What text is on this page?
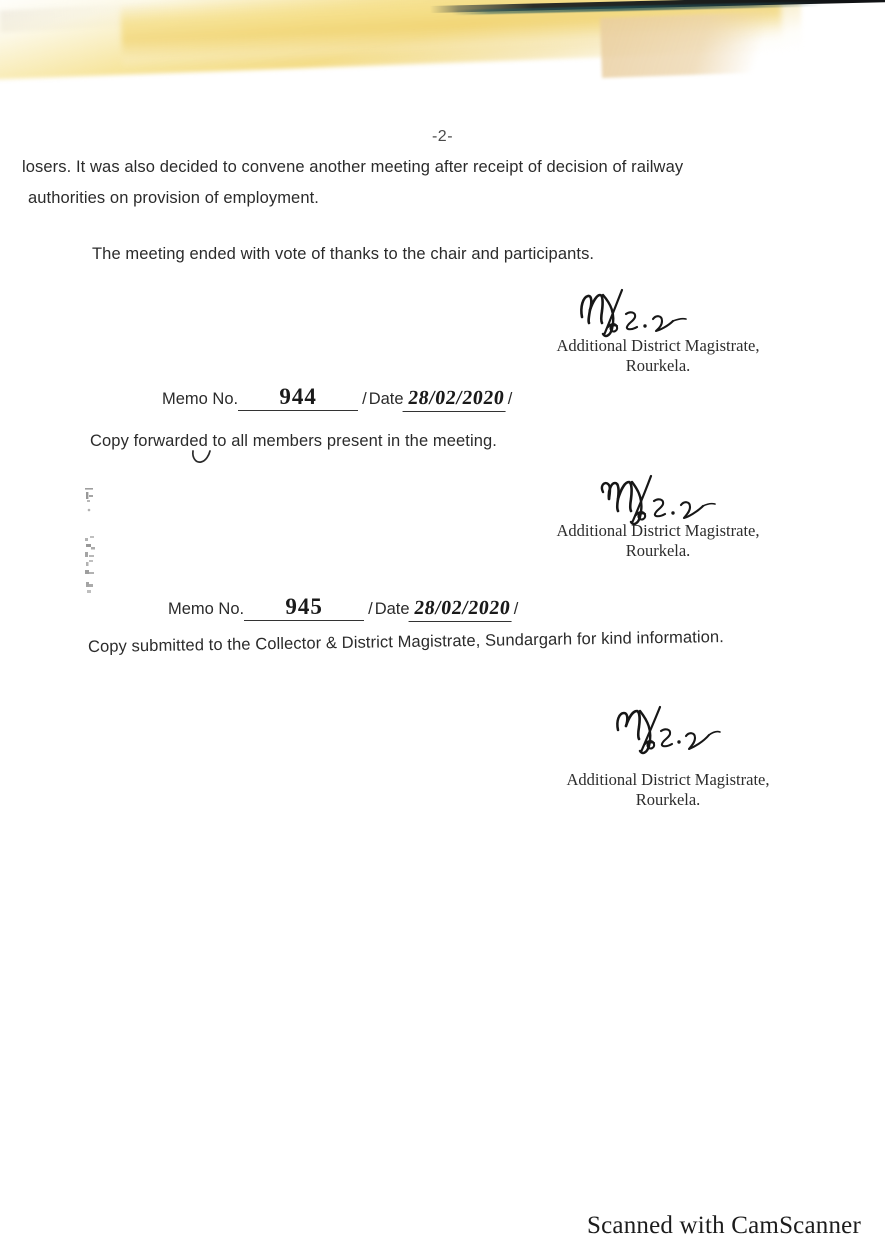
-2-
losers. It was also decided to convene another meeting after receipt of decision of railway
authorities on provision of employment.
The meeting ended with vote of thanks to the chair and participants.
Additional District Magistrate,
Rourkela.
Memo No.	944	/ Date 28/02/2020 /
Copy forwarded to all members present in the meeting.
Additional District Magistrate,
Rourkela.
Memo No.	945	/ Date 28/02/2020 /
Copy submitted to the Collector & District Magistrate, Sundargarh for kind information.
Additional District Magistrate,
Rourkela.
Scanned with CamScanner
